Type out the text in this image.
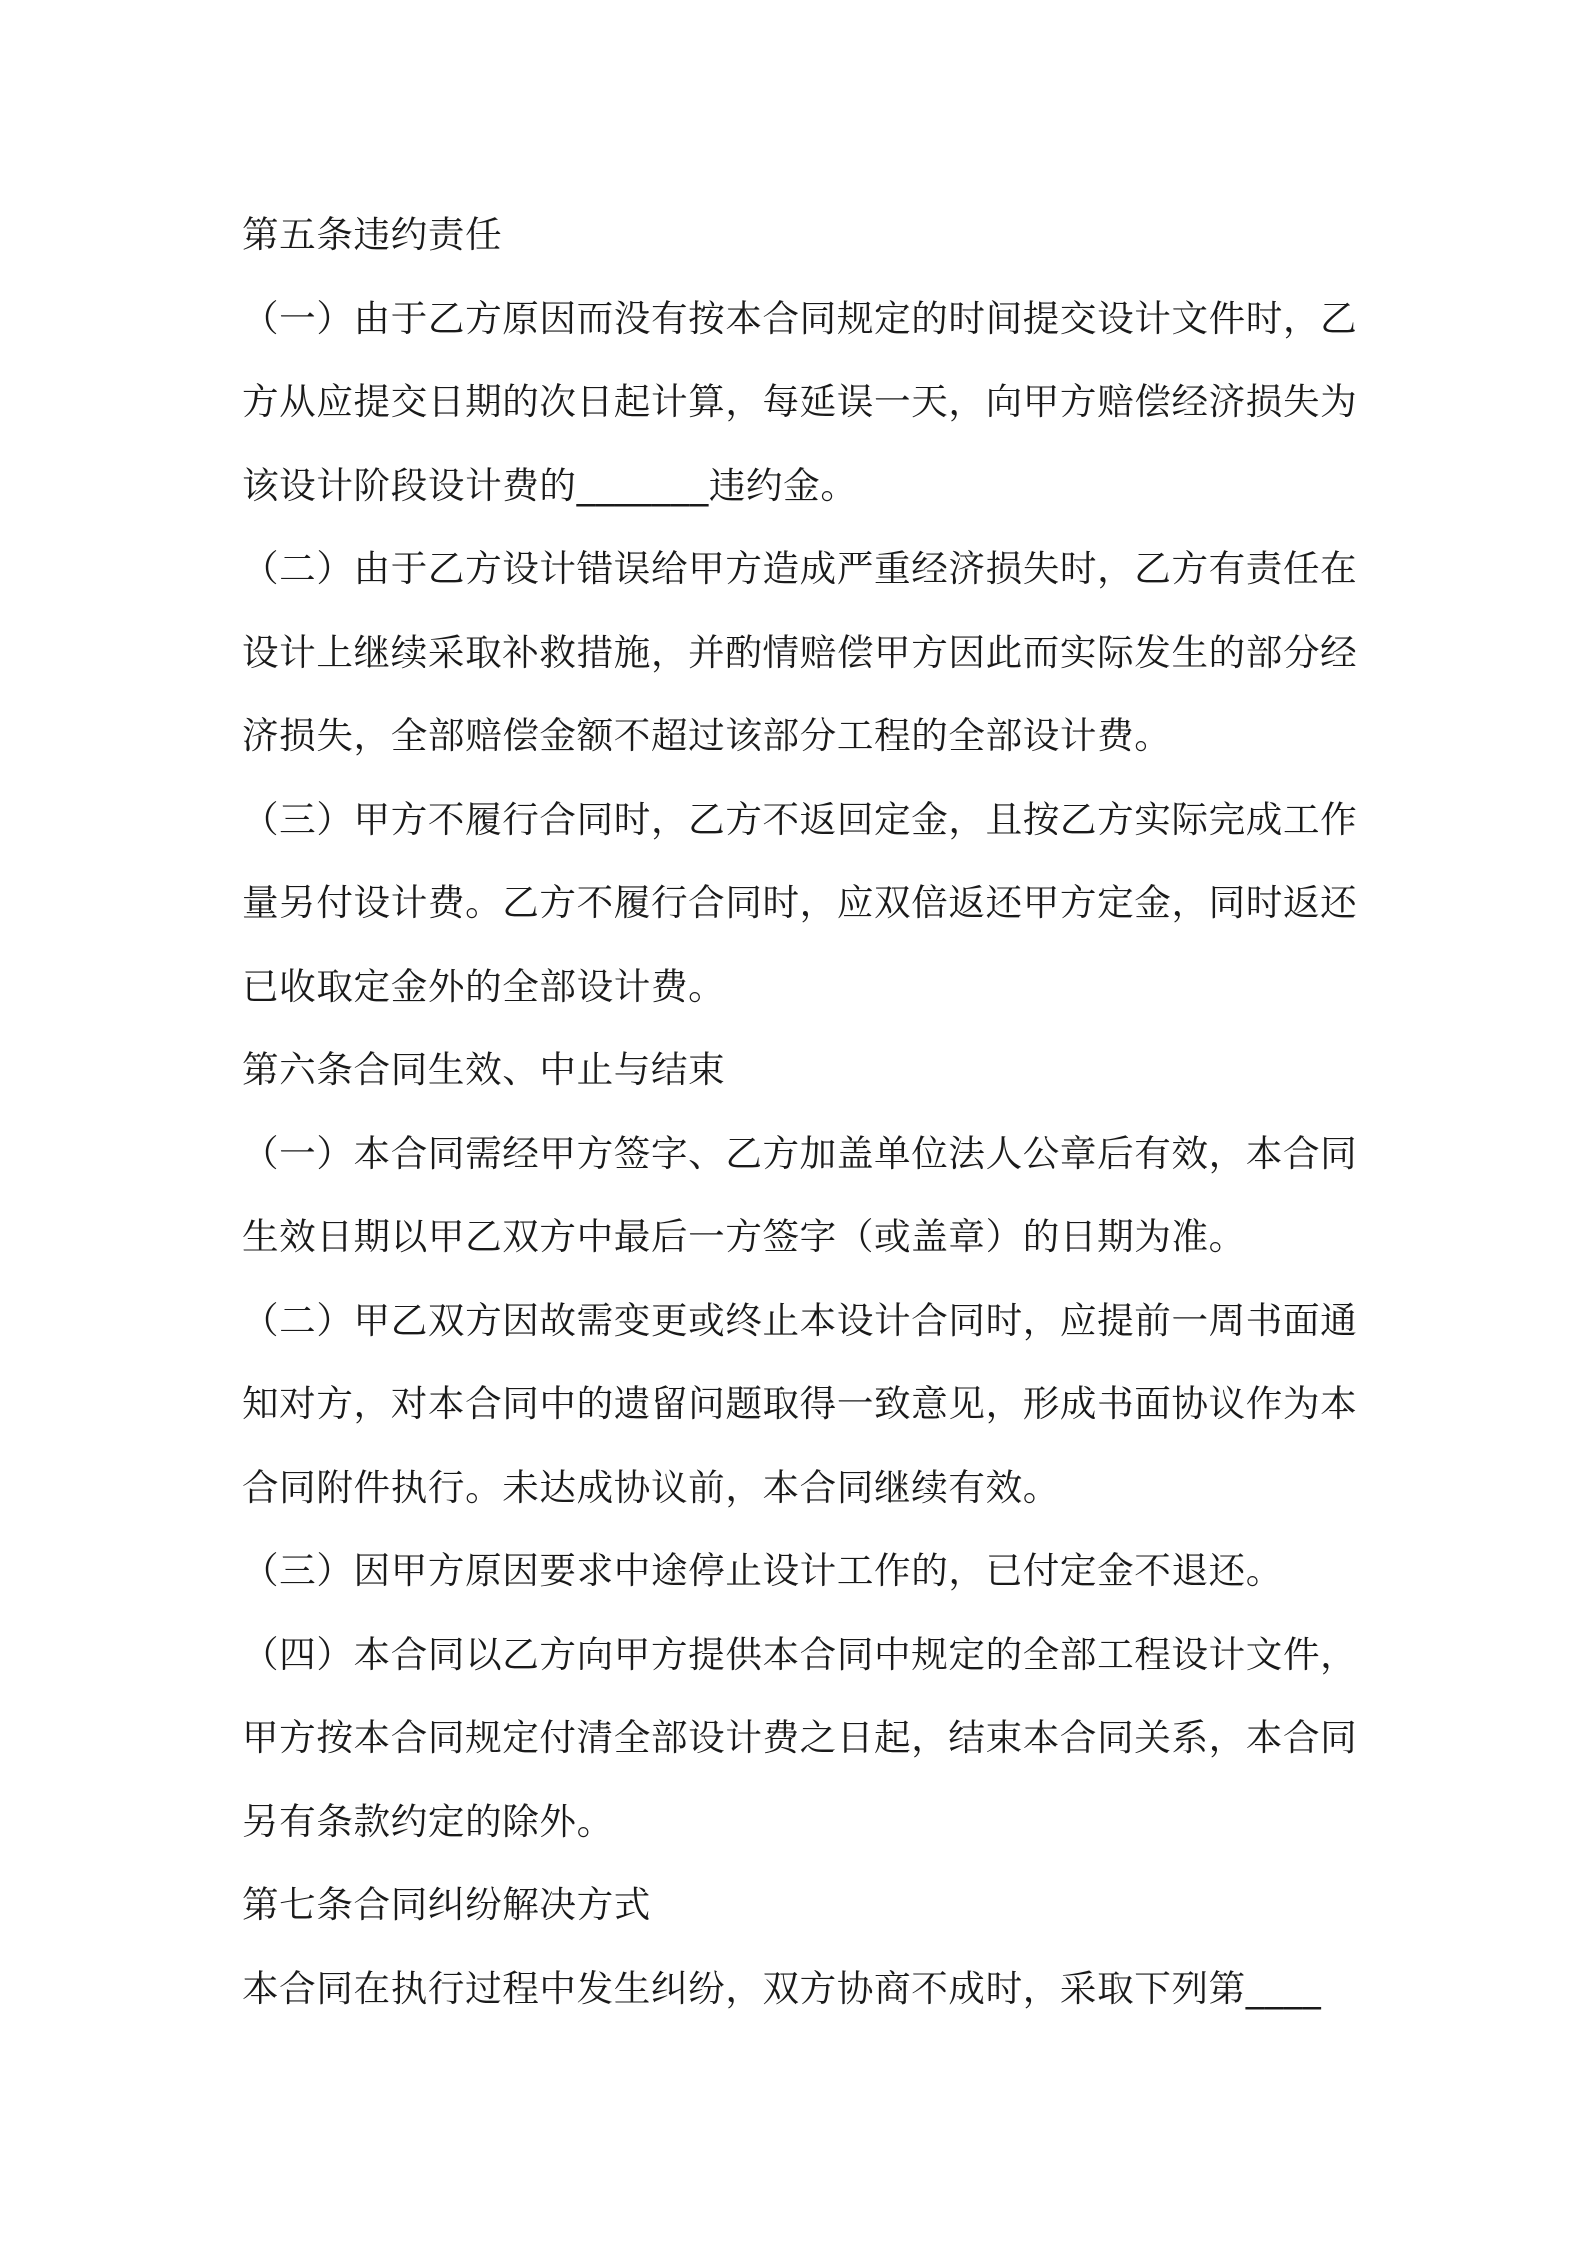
第五条违约责任
（一）由于乙方原因而没有按本合同规定的时间提交设计文件时，乙
方从应提交日期的次日起计算，每延误一天，向甲方赔偿经济损失为
该设计阶段设计费的_______违约金。
（二）由于乙方设计错误给甲方造成严重经济损失时，乙方有责任在
设计上继续采取补救措施，并酌情赔偿甲方因此而实际发生的部分经
济损失，全部赔偿金额不超过该部分工程的全部设计费。
（三）甲方不履行合同时，乙方不返回定金，且按乙方实际完成工作
量另付设计费。乙方不履行合同时，应双倍返还甲方定金，同时返还
已收取定金外的全部设计费。
第六条合同生效、中止与结束
（一）本合同需经甲方签字、乙方加盖单位法人公章后有效，本合同
生效日期以甲乙双方中最后一方签字（或盖章）的日期为准。
（二）甲乙双方因故需变更或终止本设计合同时，应提前一周书面通
知对方，对本合同中的遗留问题取得一致意见，形成书面协议作为本
合同附件执行。未达成协议前，本合同继续有效。
（三）因甲方原因要求中途停止设计工作的，已付定金不退还。
（四）本合同以乙方向甲方提供本合同中规定的全部工程设计文件，
甲方按本合同规定付清全部设计费之日起，结束本合同关系，本合同
另有条款约定的除外。
第七条合同纠纷解决方式
本合同在执行过程中发生纠纷，双方协商不成时，采取下列第____
